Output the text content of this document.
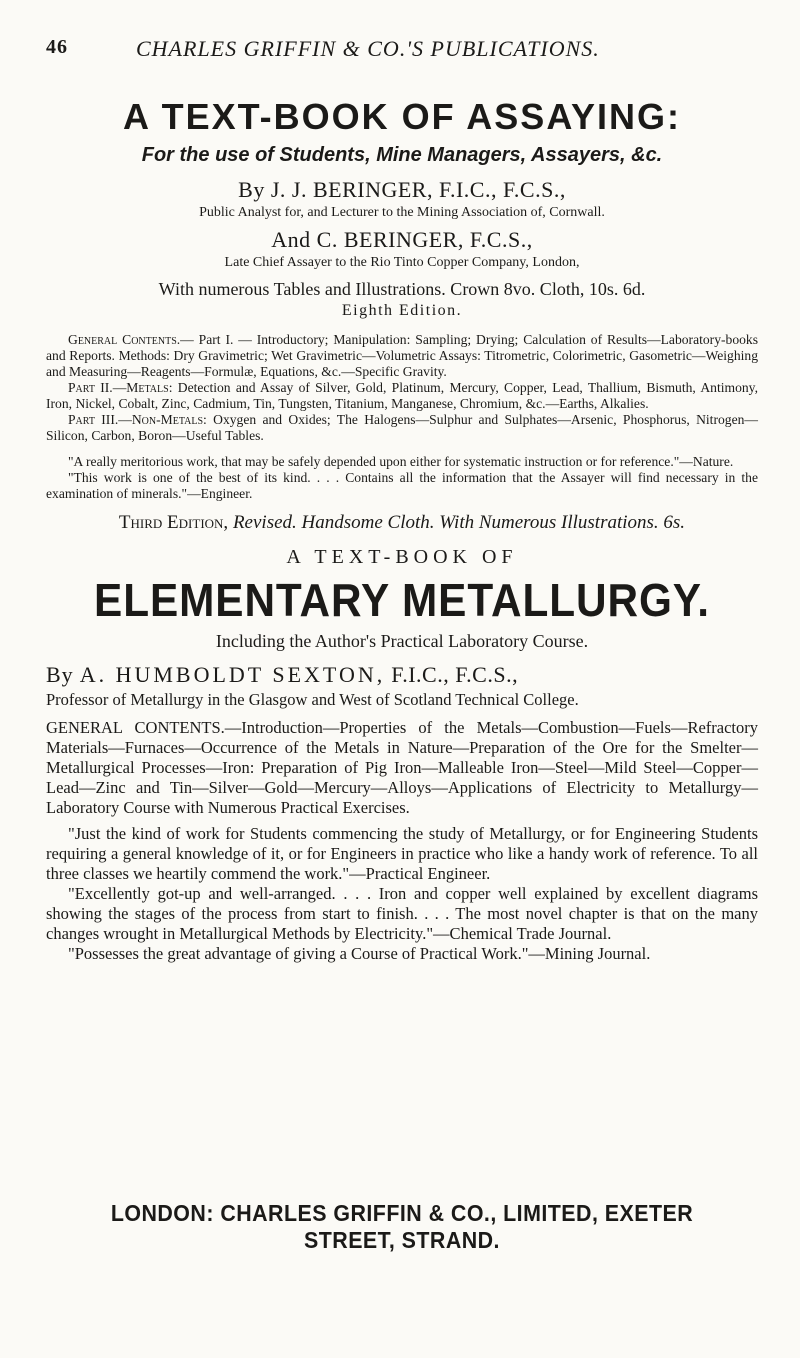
46	CHARLES GRIFFIN & CO.'S PUBLICATIONS.
A TEXT-BOOK OF ASSAYING:
For the use of Students, Mine Managers, Assayers, &c.
By J. J. BERINGER, F.I.C., F.C.S.,
Public Analyst for, and Lecturer to the Mining Association of, Cornwall.
And C. BERINGER, F.C.S.,
Late Chief Assayer to the Rio Tinto Copper Company, London,
With numerous Tables and Illustrations. Crown 8vo. Cloth, 10s. 6d.
Eighth Edition.

General Contents.— Part I. — Introductory; Manipulation: Sampling; Drying; Calculation of Results—Laboratory-books and Reports. Methods: Dry Gravimetric; Wet Gravimetric—Volumetric Assays: Titrometric, Colorimetric, Gasometric—Weighing and Measuring—Reagents—Formulæ, Equations, &c.—Specific Gravity.

Part II.—Metals: Detection and Assay of Silver, Gold, Platinum, Mercury, Copper, Lead, Thallium, Bismuth, Antimony, Iron, Nickel, Cobalt, Zinc, Cadmium, Tin, Tungsten, Titanium, Manganese, Chromium, &c.—Earths, Alkalies.

Part III.—Non-Metals: Oxygen and Oxides; The Halogens—Sulphur and Sulphates—Arsenic, Phosphorus, Nitrogen—Silicon, Carbon, Boron—Useful Tables.

"A really meritorious work, that may be safely depended upon either for systematic instruction or for reference."—Nature.

"This work is one of the best of its kind. . . . Contains all the information that the Assayer will find necessary in the examination of minerals."—Engineer.

Third Edition, Revised. Handsome Cloth. With Numerous Illustrations. 6s.
A TEXT-BOOK OF
ELEMENTARY METALLURGY.
Including the Author's Practical Laboratory Course.
By A. HUMBOLDT SEXTON, F.I.C., F.C.S.,
Professor of Metallurgy in the Glasgow and West of Scotland Technical College.
GENERAL CONTENTS.—Introduction—Properties of the Metals—Combustion—Fuels—Refractory Materials—Furnaces—Occurrence of the Metals in Nature—Preparation of the Ore for the Smelter—Metallurgical Processes—Iron: Preparation of Pig Iron—Malleable Iron—Steel—Mild Steel—Copper—Lead—Zinc and Tin—Silver—Gold—Mercury—Alloys—Applications of Electricity to Metallurgy—Laboratory Course with Numerous Practical Exercises.

"Just the kind of work for Students commencing the study of Metallurgy, or for Engineering Students requiring a general knowledge of it, or for Engineers in practice who like a handy work of reference. To all three classes we heartily commend the work."—Practical Engineer.

"Excellently got-up and well-arranged. . . . Iron and copper well explained by excellent diagrams showing the stages of the process from start to finish. . . . The most novel chapter is that on the many changes wrought in Metallurgical Methods by Electricity."—Chemical Trade Journal.

"Possesses the great advantage of giving a Course of Practical Work."—Mining Journal.

LONDON: CHARLES GRIFFIN & CO., LIMITED, EXETER STREET, STRAND.
